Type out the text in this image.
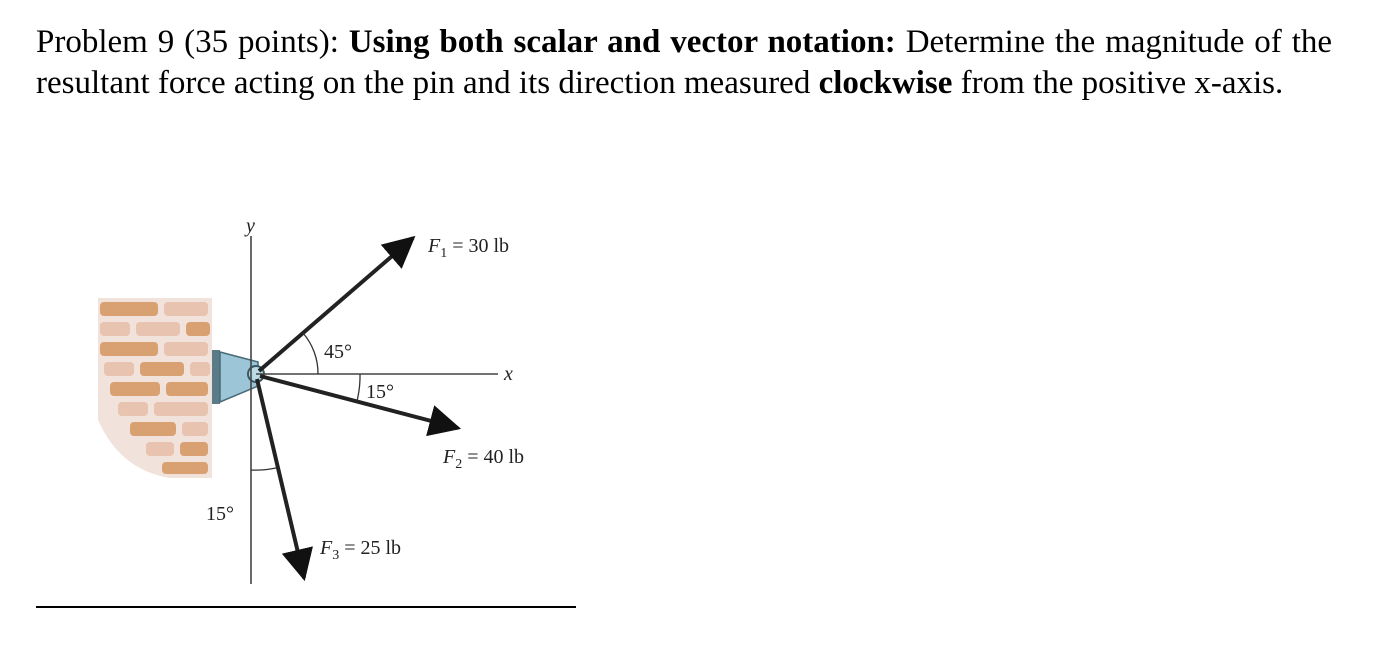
Problem 9 (35 points): Using both scalar and vector notation: Determine the magnitude of the resultant force acting on the pin and its direction measured clockwise from the positive x-axis.
y
x
45°
15°
15°
$F_1 = 30$ lb
$F_2 = 40$ lb
$F_3 = 25$ lb
